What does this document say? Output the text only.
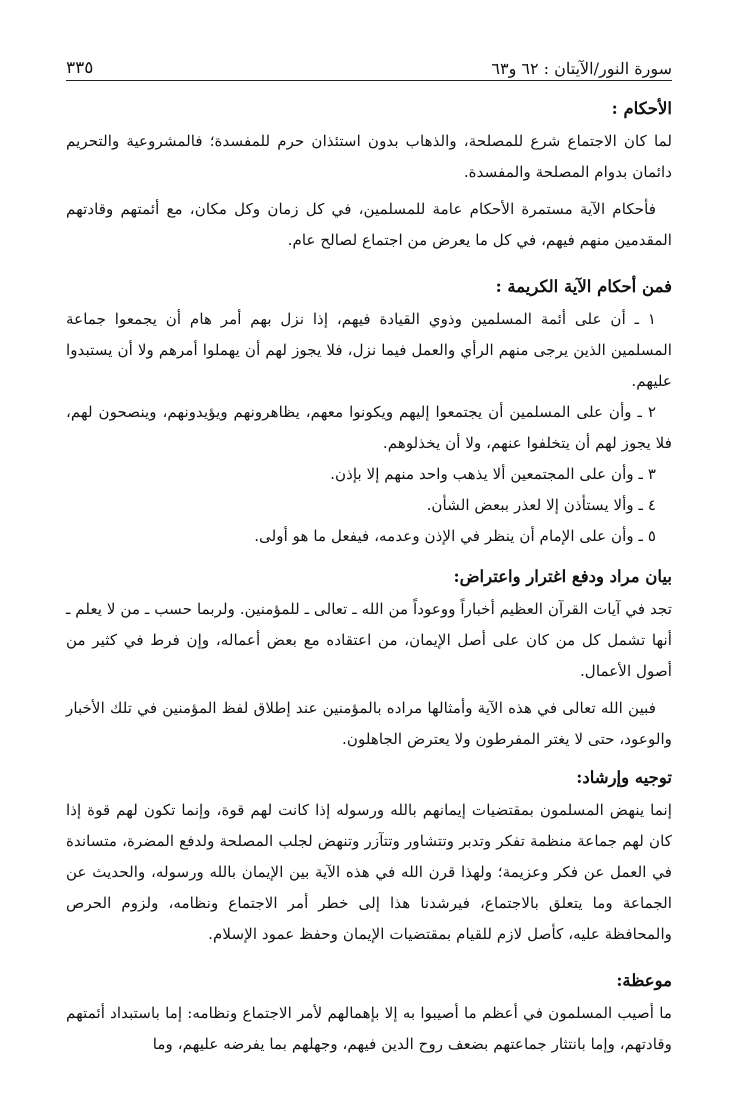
سورة النور/الآيتان : ٦٢ و٦٣
٣٣٥
الأحكام :

لما كان الاجتماع شرع للمصلحة، والذهاب بدون استئذان حرم للمفسدة؛ فالمشروعية والتحريم دائمان بدوام المصلحة والمفسدة.

فأحكام الآية مستمرة الأحكام عامة للمسلمين، في كل زمان وكل مكان، مع أئمتهم وقادتهم المقدمين منهم فيهم، في كل ما يعرض من اجتماع لصالح عام.

فمن أحكام الآية الكريمة :

١ ـ أن على أئمة المسلمين وذوي القيادة فيهم، إذا نزل بهم أمر هام أن يجمعوا جماعة المسلمين الذين يرجى منهم الرأي والعمل فيما نزل، فلا يجوز لهم أن يهملوا أمرهم ولا أن يستبدوا عليهم.

٢ ـ وأن على المسلمين أن يجتمعوا إليهم ويكونوا معهم، يظاهرونهم ويؤيدونهم، وينصحون لهم، فلا يجوز لهم أن يتخلفوا عنهم، ولا أن يخذلوهم.

٣ ـ وأن على المجتمعين ألا يذهب واحد منهم إلا بإذن.

٤ ـ وألا يستأذن إلا لعذر ببعض الشأن.

٥ ـ وأن على الإمام أن ينظر في الإذن وعدمه، فيفعل ما هو أولى.

بيان مراد ودفع اغترار واعتراض:

تجد في آيات القرآن العظيم أخباراً ووعوداً من الله ـ تعالى ـ للمؤمنين. ولربما حسب ـ من لا يعلم ـ أنها تشمل كل من كان على أصل الإيمان، من اعتقاده مع بعض أعماله، وإن فرط في كثير من أصول الأعمال.

فبين الله تعالى في هذه الآية وأمثالها مراده بالمؤمنين عند إطلاق لفظ المؤمنين في تلك الأخبار والوعود، حتى لا يغتر المفرطون ولا يعترض الجاهلون.

توجيه وإرشاد:

إنما ينهض المسلمون بمقتضيات إيمانهم بالله ورسوله إذا كانت لهم قوة، وإنما تكون لهم قوة إذا كان لهم جماعة منظمة تفكر وتدبر وتتشاور وتتآزر وتنهض لجلب المصلحة ولدفع المضرة، متساندة في العمل عن فكر وعزيمة؛ ولهذا قرن الله في هذه الآية بين الإيمان بالله ورسوله، والحديث عن الجماعة وما يتعلق بالاجتماع، فيرشدنا هذا إلى خطر أمر الاجتماع ونظامه، ولزوم الحرص والمحافظة عليه، كأصل لازم للقيام بمقتضيات الإيمان وحفظ عمود الإسلام.

موعظة:

ما أصيب المسلمون في أعظم ما أصيبوا به إلا بإهمالهم لأمر الاجتماع ونظامه: إما باستبداد أئمتهم وقادتهم، وإما بانتثار جماعتهم بضعف روح الدين فيهم، وجهلهم بما يفرضه عليهم، وما
